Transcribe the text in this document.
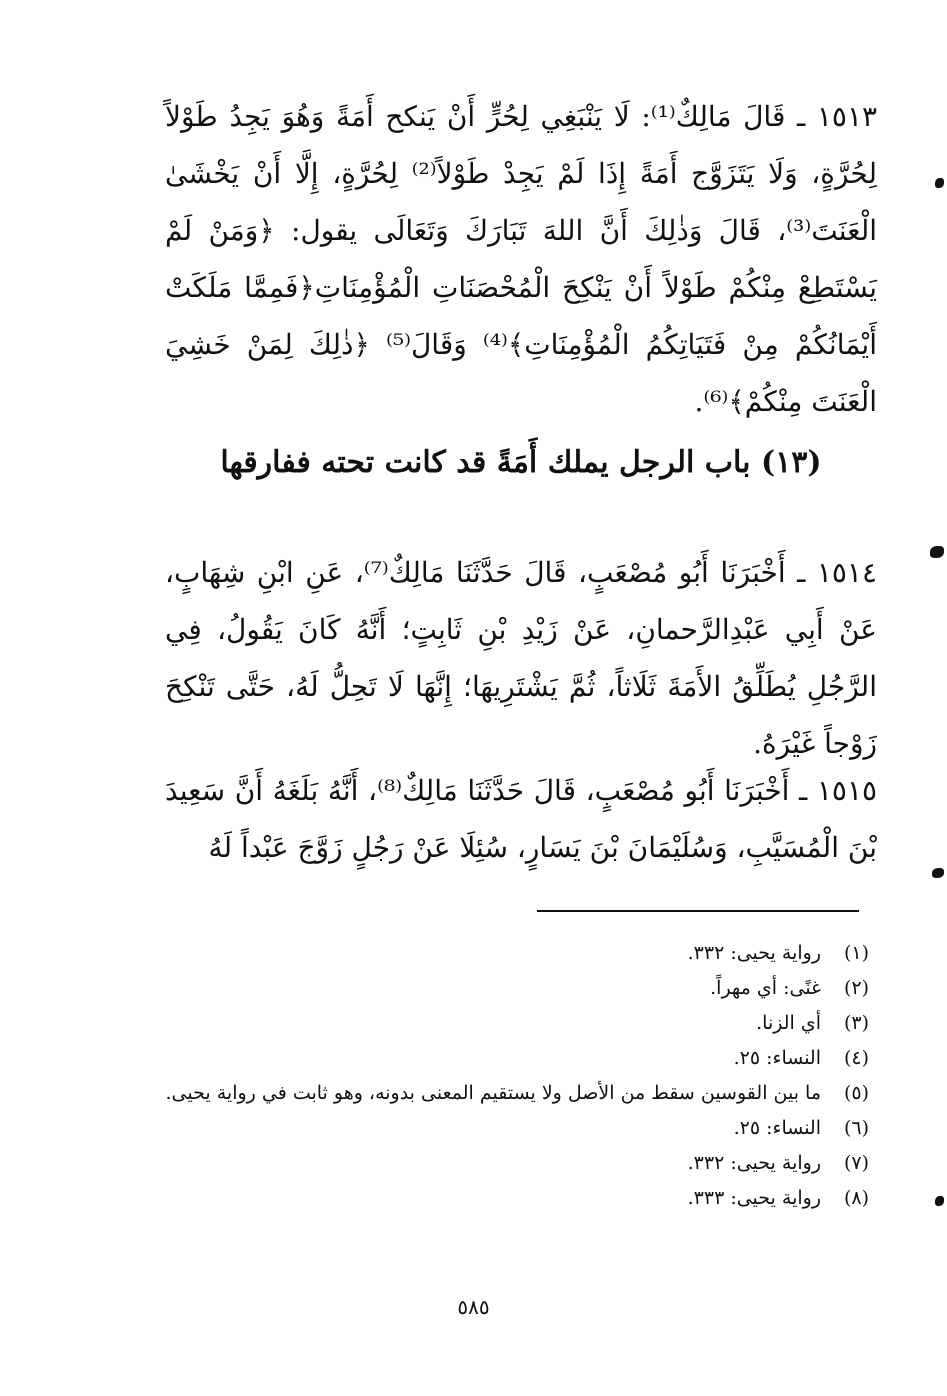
١٥١٣ ـ قَالَ مَالِكٌ⁽¹⁾: لَا يَنْبَغِي لِحُرٍّ أَنْ يَنكح أَمَةً وَهُوَ يَجِدُ طَوْلاً لِحُرَّةٍ، وَلَا يَتَزَوَّج أَمَةً إِذَا لَمْ يَجِدْ طَوْلاً⁽²⁾ لِحُرَّةٍ، إِلَّا أَنْ يَخْشَىٰ الْعَنَتَ⁽³⁾، قَالَ وَذٰلِكَ أَنَّ اللهَ تَبَارَكَ وَتَعَالَى يقول: ﴿وَمَنْ لَمْ يَسْتَطِعْ مِنْكُمْ طَوْلاً أَنْ يَنْكِحَ الْمُحْصَنَاتِ الْمُؤْمِنَاتِ﴿فَمِمَّا مَلَكَتْ أَيْمَانُكُمْ مِنْ فَتَيَاتِكُمُ الْمُؤْمِنَاتِ﴾⁽⁴⁾ وَقَالَ⁽⁵⁾ ﴿ذٰلِكَ لِمَنْ خَشِيَ الْعَنَتَ مِنْكُمْ﴾⁽⁶⁾.

(١٣) باب الرجل يملك أَمَةً قد كانت تحته ففارقها

١٥١٤ ـ أَخْبَرَنَا أَبُو مُصْعَبٍ، قَالَ حَدَّثَنَا مَالِكٌ⁽⁷⁾، عَنِ ابْنِ شِهَابٍ، عَنْ أَبِي عَبْدِالرَّحمانِ، عَنْ زَيْدِ بْنِ ثَابِتٍ؛ أَنَّهُ كَانَ يَقُولُ، فِي الرَّجُلِ يُطَلِّقُ الأَمَةَ ثَلَاثاً، ثُمَّ يَشْتَرِيهَا؛ إِنَّهَا لَا تَحِلُّ لَهُ، حَتَّى تَنْكِحَ زَوْجاً غَيْرَهُ.

١٥١٥ ـ أَخْبَرَنَا أَبُو مُصْعَبٍ، قَالَ حَدَّثَنَا مَالِكٌ⁽⁸⁾، أَنَّهُ بَلَغَهُ أَنَّ سَعِيدَ بْنَ الْمُسَيَّبِ، وَسُلَيْمَانَ بْنَ يَسَارٍ، سُئِلَا عَنْ رَجُلٍ زَوَّجَ عَبْداً لَهُ

(١)
رواية يحيى: ٣٣٢.
(٢)
غنًى: أي مهراً.
(٣)
أي الزنا.
(٤)
النساء: ٢٥.
(٥)
ما بين القوسين سقط من الأصل ولا يستقيم المعنى بدونه، وهو ثابت في رواية يحيى.
(٦)
النساء: ٢٥.
(٧)
رواية يحيى: ٣٣٢.
(٨)
رواية يحيى: ٣٣٣.
٥٨٥
